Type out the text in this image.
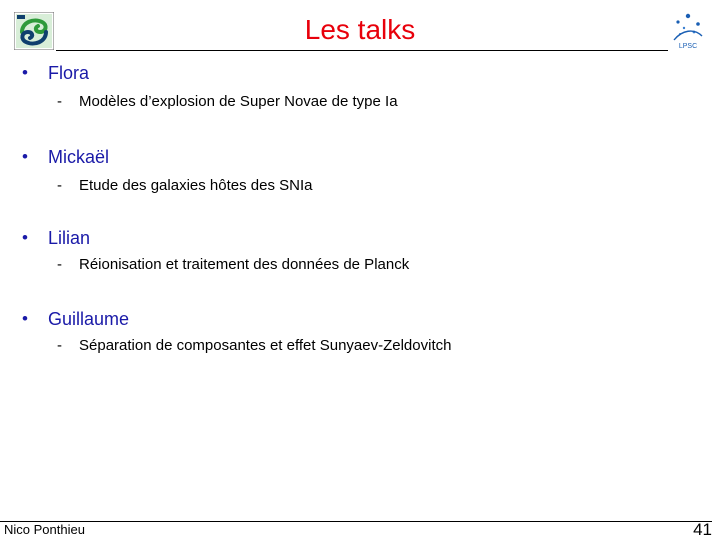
Les talks
LPSC
• Flora
- Modèles d’explosion de Super Novae de type Ia
• Mickaël
- Etude des galaxies hôtes des SNIa
• Lilian
- Réionisation et traitement des données de Planck
• Guillaume
- Séparation de composantes et effet Sunyaev-Zeldovitch
Nico Ponthieu	41
